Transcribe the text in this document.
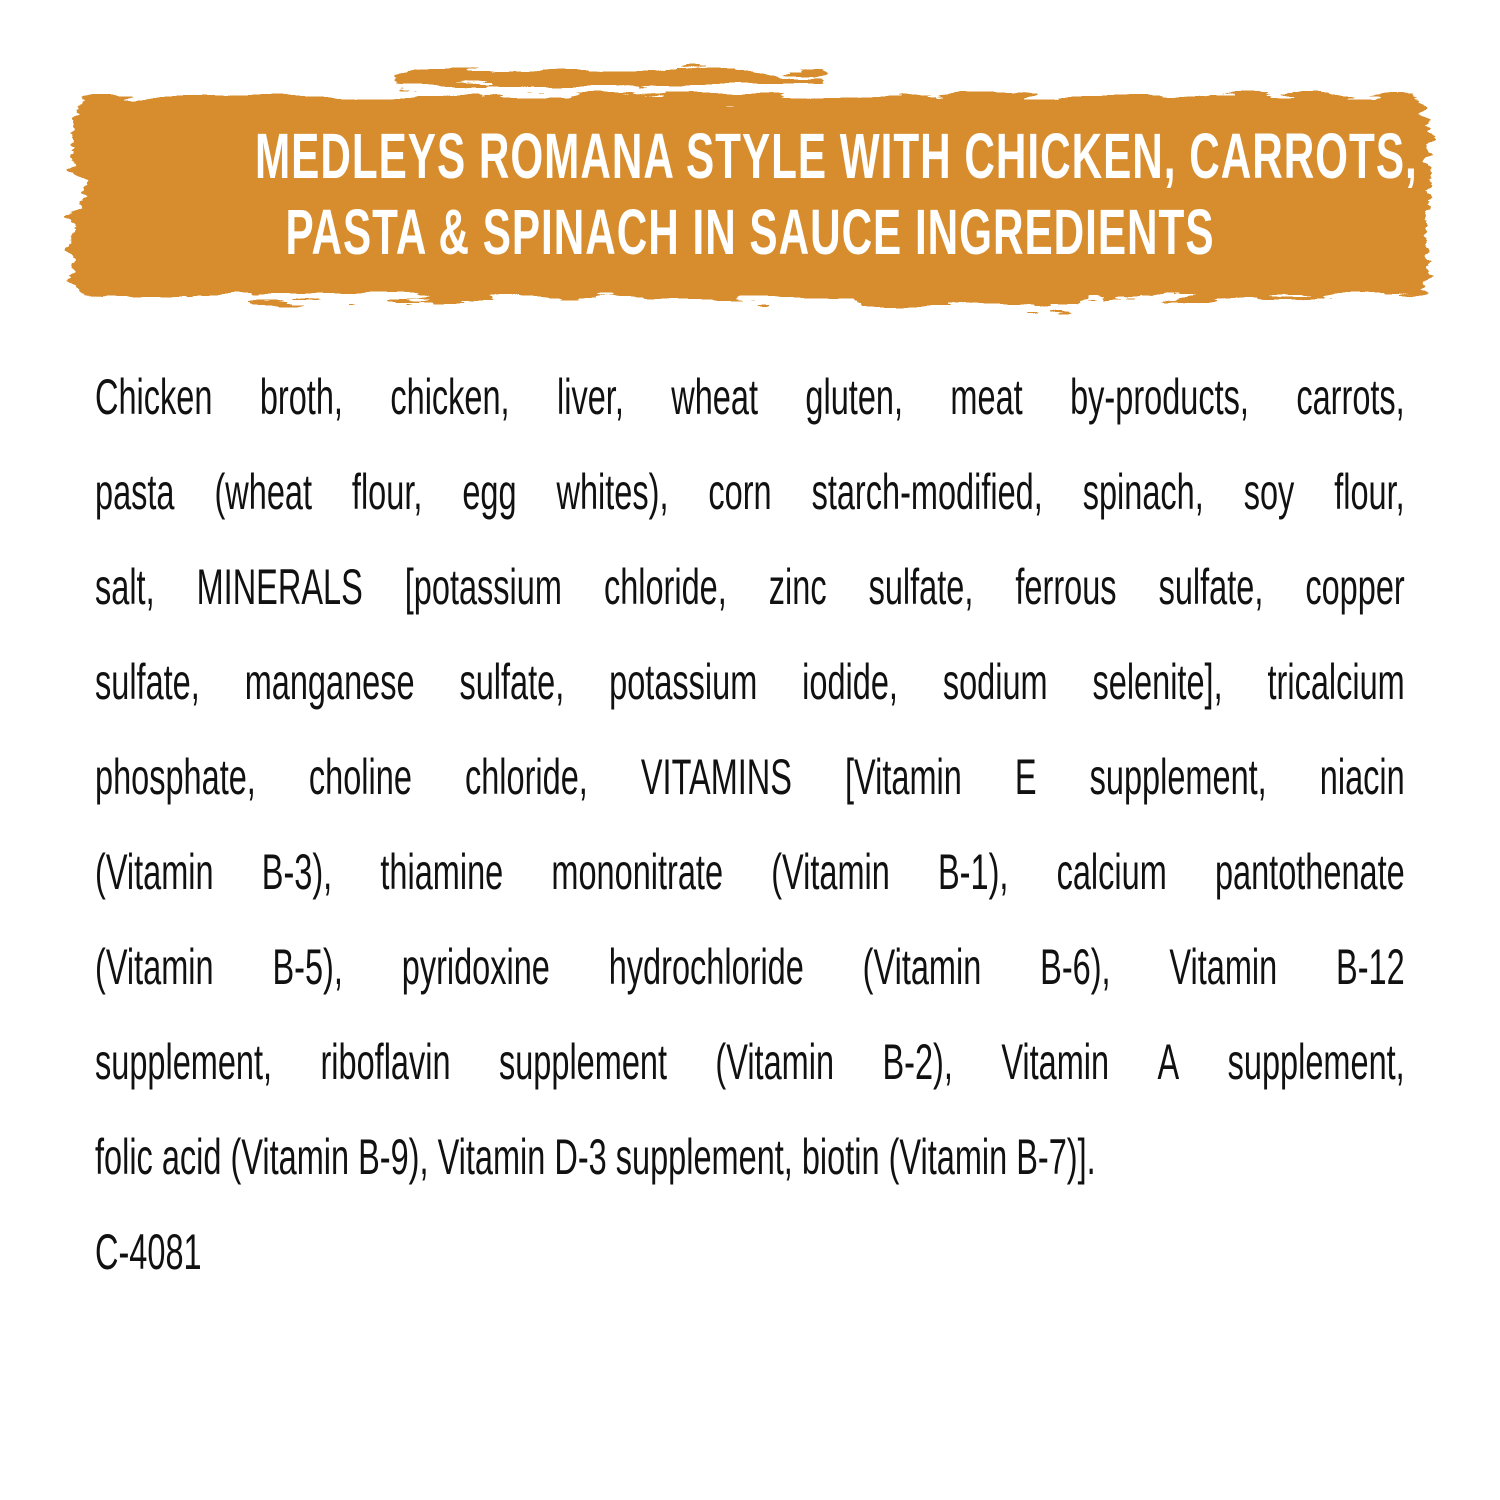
MEDLEYS ROMANA STYLE WITH CHICKEN, CARROTS,
PASTA & SPINACH IN SAUCE INGREDIENTS
Chicken broth, chicken, liver, wheat gluten, meat by-products, carrots,
pasta (wheat flour, egg whites), corn starch-modified, spinach, soy flour,
salt, MINERALS [potassium chloride, zinc sulfate, ferrous sulfate, copper
sulfate, manganese sulfate, potassium iodide, sodium selenite], tricalcium
phosphate, choline chloride, VITAMINS [Vitamin E supplement, niacin
(Vitamin B-3), thiamine mononitrate (Vitamin B-1), calcium pantothenate
(Vitamin B-5), pyridoxine hydrochloride (Vitamin B-6), Vitamin B-12
supplement, riboflavin supplement (Vitamin B-2), Vitamin A supplement,
folic acid (Vitamin B-9), Vitamin D-3 supplement, biotin (Vitamin B-7)].
C-4081
